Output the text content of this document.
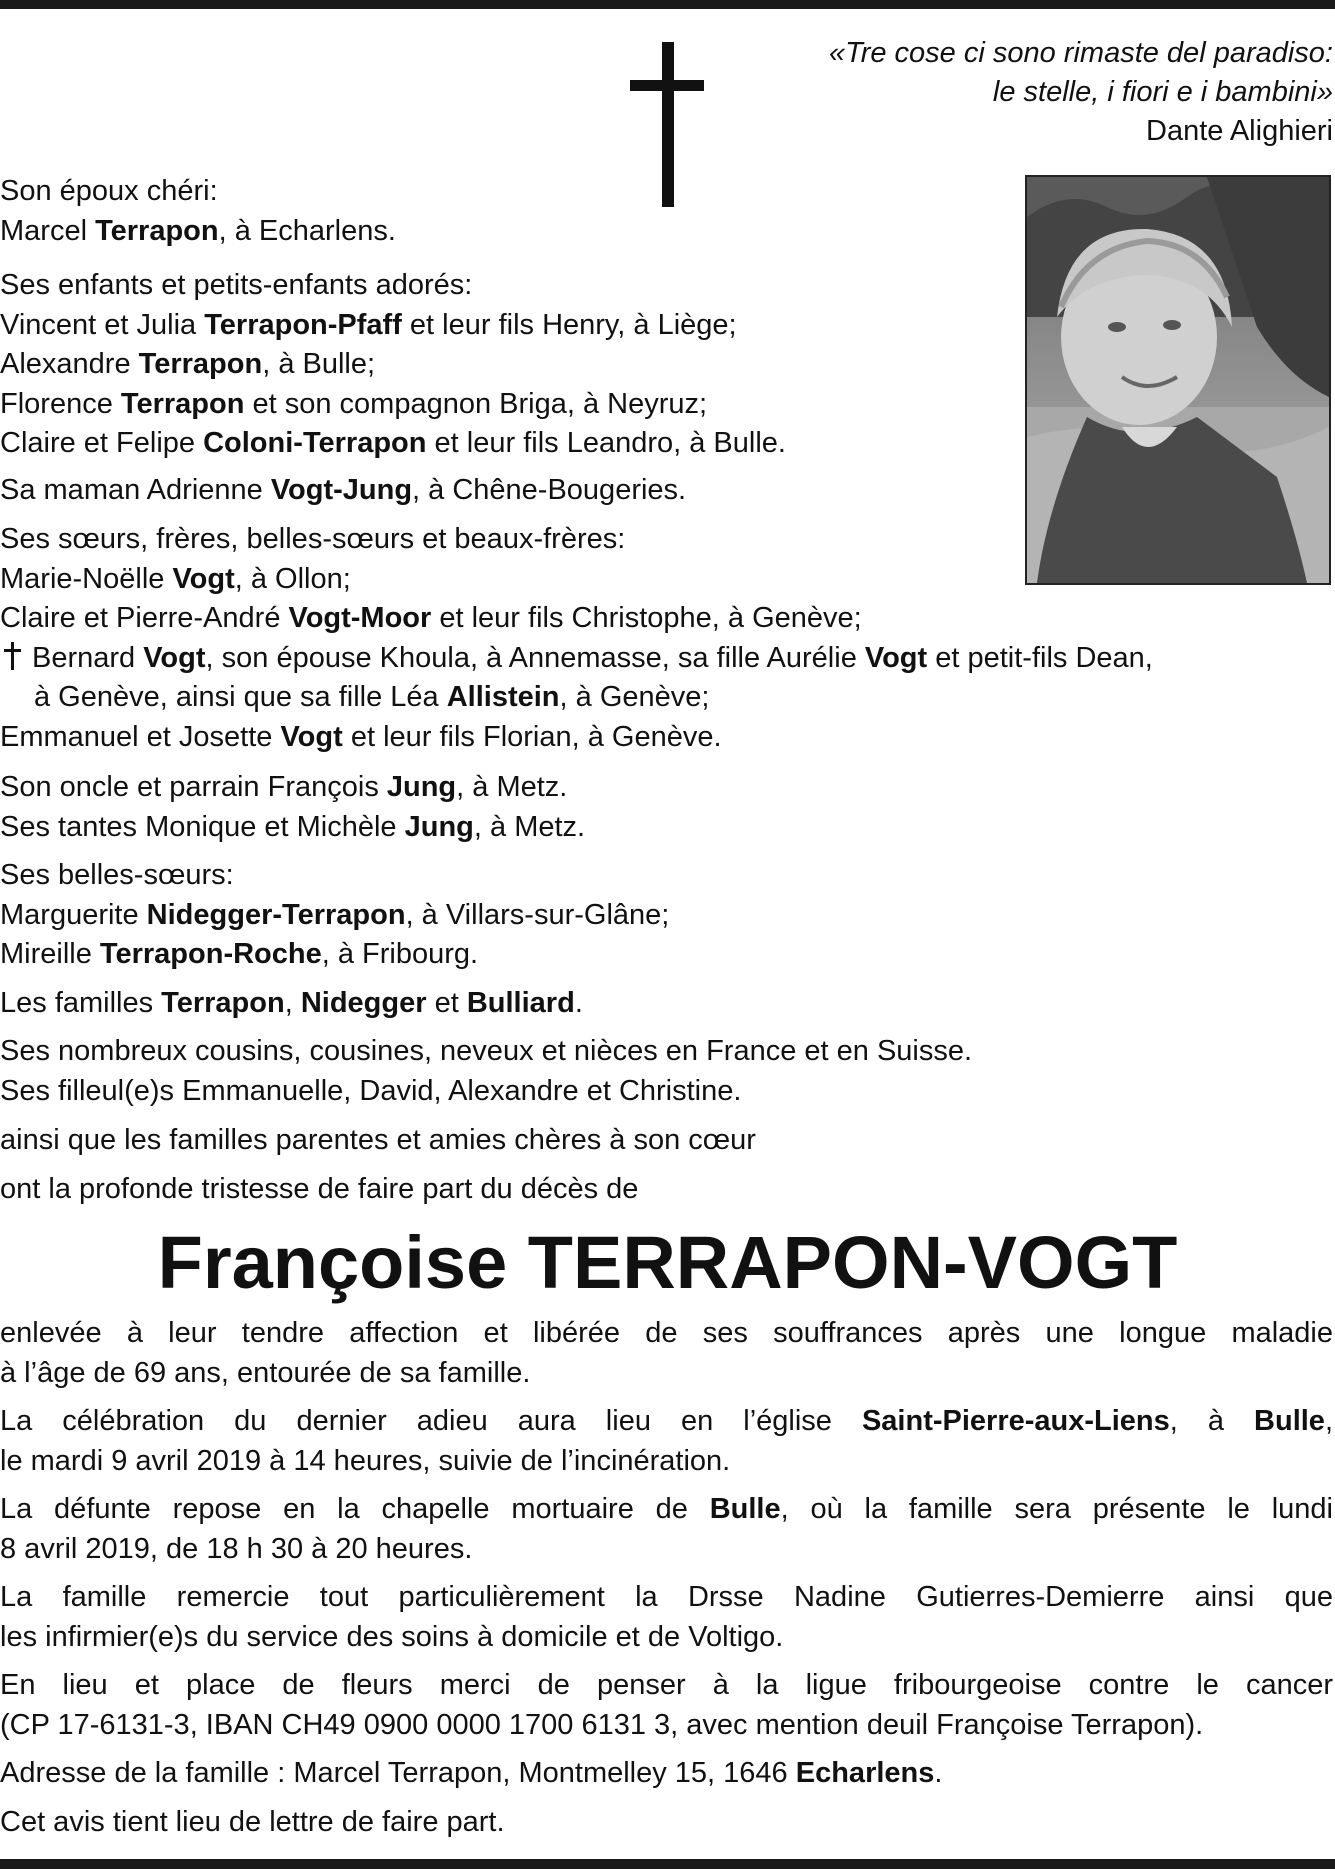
«Tre cose ci sono rimaste del paradiso:
le stelle, i fiori e i bambini»
Dante Alighieri
Son époux chéri:
Marcel Terrapon, à Echarlens.
Ses enfants et petits-enfants adorés:
Vincent et Julia Terrapon-Pfaff et leur fils Henry, à Liège;
Alexandre Terrapon, à Bulle;
Florence Terrapon et son compagnon Briga, à Neyruz;
Claire et Felipe Coloni-Terrapon et leur fils Leandro, à Bulle.
Sa maman Adrienne Vogt-Jung, à Chêne-Bougeries.
Ses sœurs, frères, belles-sœurs et beaux-frères:
Marie-Noëlle Vogt, à Ollon;
Claire et Pierre-André Vogt-Moor et leur fils Christophe, à Genève;
Bernard Vogt, son épouse Khoula, à Annemasse, sa fille Aurélie Vogt et petit-fils Dean,
à Genève, ainsi que sa fille Léa Allistein, à Genève;
Emmanuel et Josette Vogt et leur fils Florian, à Genève.
Son oncle et parrain François Jung, à Metz.
Ses tantes Monique et Michèle Jung, à Metz.
Ses belles-sœurs:
Marguerite Nidegger-Terrapon, à Villars-sur-Glâne;
Mireille Terrapon-Roche, à Fribourg.
Les familles Terrapon, Nidegger et Bulliard.
Ses nombreux cousins, cousines, neveux et nièces en France et en Suisse.
Ses filleul(e)s Emmanuelle, David, Alexandre et Christine.
ainsi que les familles parentes et amies chères à son cœur
ont la profonde tristesse de faire part du décès de
Françoise TERRAPON-VOGT
enlevée à leur tendre affection et libérée de ses souffrances après une longue maladie
à l’âge de 69 ans, entourée de sa famille.
La célébration du dernier adieu aura lieu en l’église Saint-Pierre-aux-Liens, à Bulle,
le mardi 9 avril 2019 à 14 heures, suivie de l’incinération.
La défunte repose en la chapelle mortuaire de Bulle, où la famille sera présente le lundi
8 avril 2019, de 18 h 30 à 20 heures.
La famille remercie tout particulièrement la Drsse Nadine Gutierres-Demierre ainsi que
les infirmier(e)s du service des soins à domicile et de Voltigo.
En lieu et place de fleurs merci de penser à la ligue fribourgeoise contre le cancer
(CP 17-6131-3, IBAN CH49 0900 0000 1700 6131 3, avec mention deuil Françoise Terrapon).
Adresse de la famille : Marcel Terrapon, Montmelley 15, 1646 Echarlens.
Cet avis tient lieu de lettre de faire part.
